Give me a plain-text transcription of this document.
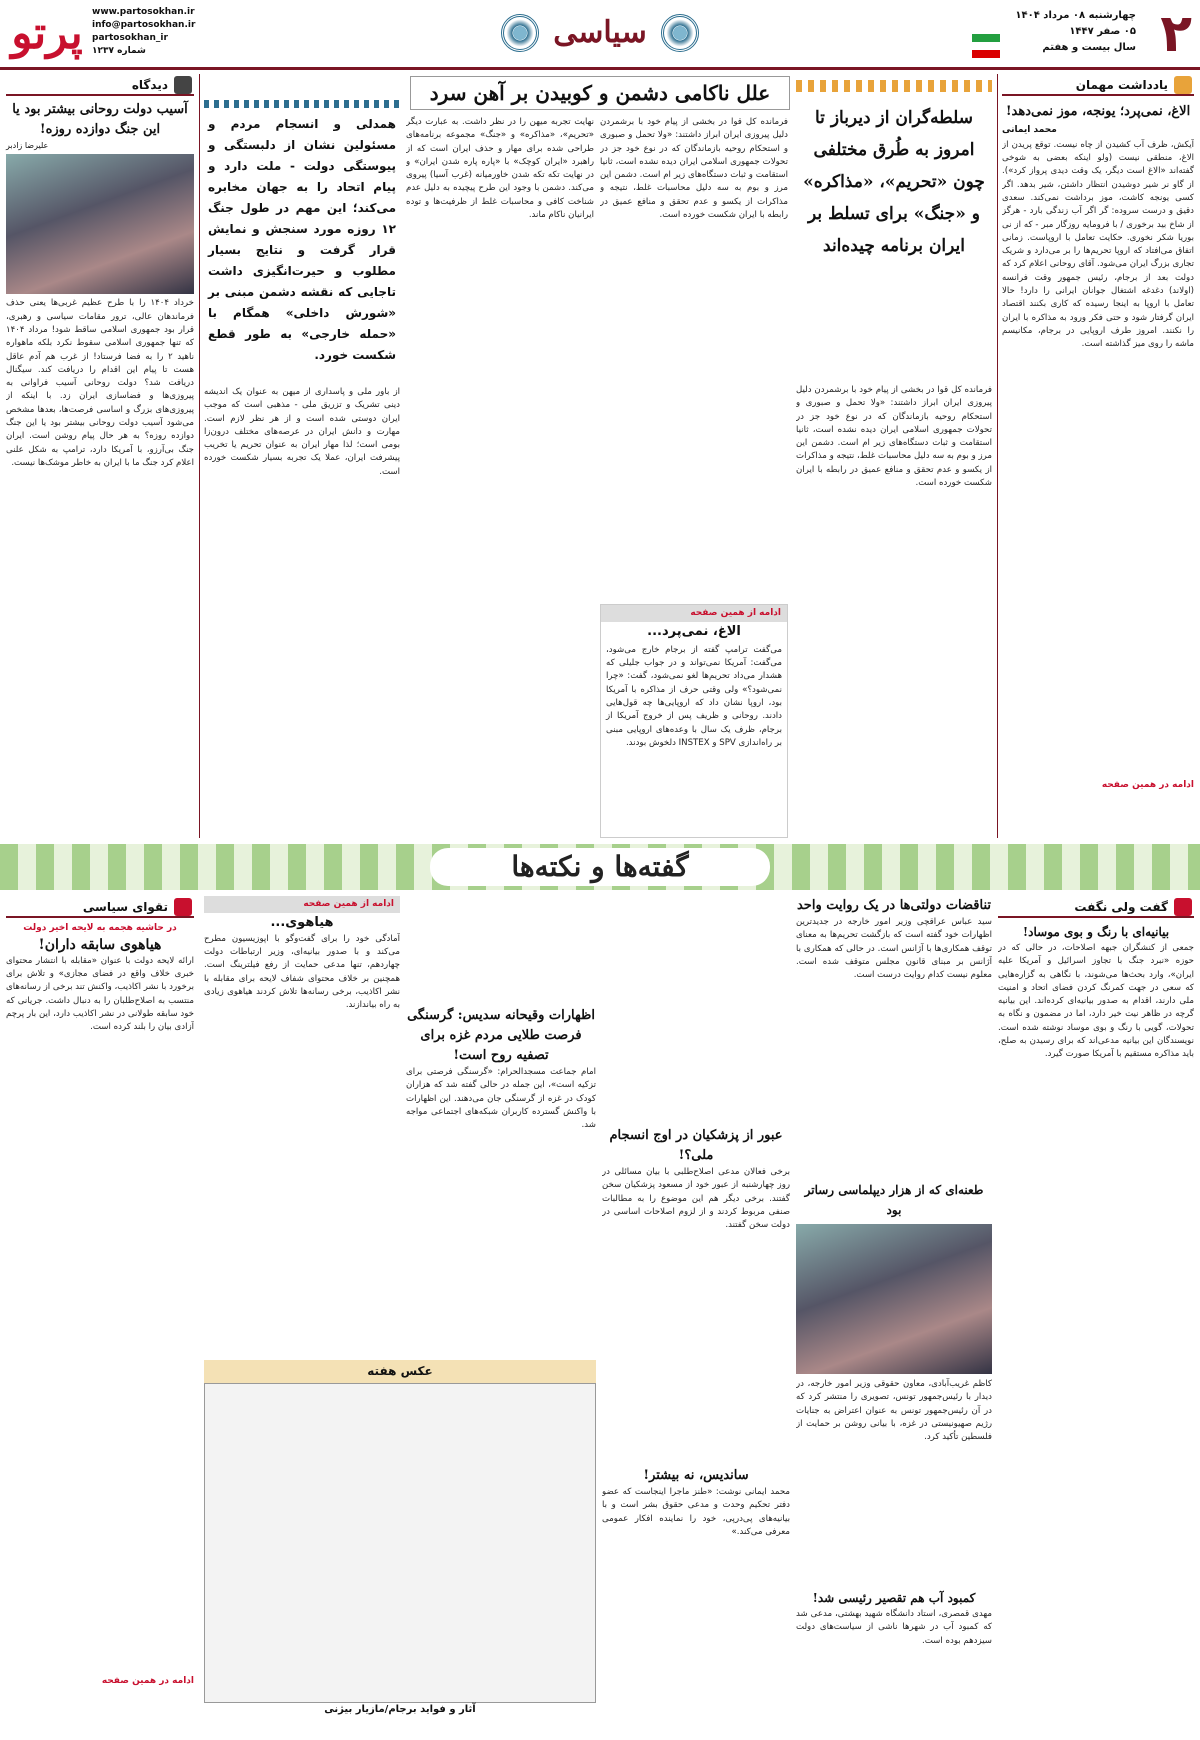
۲
چهارشنبه ۰۸ مرداد ۱۴۰۴
۰۵ صفر ۱۴۴۷
سال بیست و هفتم
سیاسی
پرتو	www.partosokhan.ir
info@partosokhan.ir
partosokhan_ir
شماره ۱۲۳۷
یادداشت مهمان
الاغ، نمی‌پرد؛ یونجه، موز نمی‌دهد!
محمد ایمانی

آیکش، ظرف آب کشیدن از چاه نیست. توقع پریدن از الاغ، منطقی نیست (ولو اینکه بعضی به شوخی گفته‌اند «الاغ است دیگر، یک وقت دیدی پرواز کرد»). از گاو نر شیر دوشیدن انتظار داشتن، شیر بدهد. اگر کسی یونجه کاشت، موز برداشت نمی‌کند. سعدی دقیق و درست سروده: گر اگر آب زندگی بارد - هرگز از شاخ بید برخوری / با فرومایه روزگار مبر - که از نی بوریا شکر نخوری. حکایت تعامل با اروپاست. زمانی اتفاق می‌افتاد که اروپا تحریم‌ها را بر می‌دارد و شریک تجاری بزرگ ایران می‌شود. آقای روحانی اعلام کرد که دولت بعد از برجام، رئیس جمهور وقت فرانسه (اولاند) دغدغه اشتغال جوانان ایرانی را دارد! حالا تعامل با اروپا به اینجا رسیده که کاری بکنند اقتصاد ایران گرفتار شود و حتی فکر ورود به مذاکره با ایران را نکنند. امروز طرف اروپایی در برجام، مکانیسم ماشه را روی میز گذاشته است.

ادامه در همین صفحه
سلطه‌گران از دیرباز تا امروز به طُرق مختلفی چون «تحریم»، «مذاکره» و «جنگ» برای تسلط بر ایران برنامه چیده‌اند

فرمانده کل قوا در بخشی از پیام خود با برشمردن دلیل پیروزی ایران ابراز داشتند: «ولا تحمل و صبوری و استحکام روحیه بازماندگان که در نوع خود جز در تحولات جمهوری اسلامی ایران دیده نشده است، ثانیا استقامت و ثبات دستگاه‌های زیر ام است. دشمن این مرز و بوم به سه دلیل محاسبات غلط، نتیجه و مذاکرات از یکسو و عدم تحقق و منافع عمیق در رابطه با ایران شکست خورده است.

علل ناکامی دشمن و کوبیدن بر آهن سرد

فرمانده کل قوا در بخشی از پیام خود با برشمردن دلیل پیروزی ایران ابراز داشتند: «ولا تحمل و صبوری و استحکام روحیه بازماندگان که در نوع خود جز در تحولات جمهوری اسلامی ایران دیده نشده است، ثانیا استقامت و ثبات دستگاه‌های زیر ام است. دشمن این مرز و بوم به سه دلیل محاسبات غلط، نتیجه و مذاکرات از یکسو و عدم تحقق و منافع عمیق در رابطه با ایران شکست خورده است.

نهایت تجربه میهن را در نظر داشت. به عبارت دیگر «تحریم»، «مذاکره» و «جنگ» مجموعه برنامه‌های طراحی شده برای مهار و حذف ایران است که از راهبرد «ایران کوچک» با «پاره پاره شدن ایران» و در نهایت تکه تکه شدن خاورمیانه (غرب آسیا) پیروی می‌کند. دشمن با وجود این طرح پیچیده به دلیل عدم شناخت کافی و محاسبات غلط از ظرفیت‌ها و توده ایرانیان ناکام ماند.

ادامه از همین صفحه
الاغ، نمی‌پرد...

می‌گفت ترامپ گفته از برجام خارج می‌شود، می‌گفت: آمریکا نمی‌تواند و در جواب جلیلی که هشدار می‌داد تحریم‌ها لغو نمی‌شود، گفت: «چرا نمی‌شود؟» ولی وقتی حرف از مذاکره با آمریکا بود، اروپا نشان داد که اروپایی‌ها چه قول‌هایی دادند. روحانی و ظریف پس از خروج آمریکا از برجام، ظرف یک سال با وعده‌های اروپایی مبنی بر راه‌اندازی SPV و INSTEX دلخوش بودند.

همدلی و انسجام مردم و مسئولین نشان از دلبستگی و پیوستگی دولت - ملت دارد و پیام اتحاد را به جهان مخابره می‌کند؛ این مهم در طول جنگ ۱۲ روزه مورد سنجش و نمایش قرار گرفت و نتایج بسیار مطلوب و حیرت‌انگیزی داشت تاجایی که نقشه دشمن مبنی بر «شورش داخلی» همگام با «حمله خارجی» به طور قطع شکست خورد.

از باور ملی و پاسداری از میهن به عنوان یک اندیشه دینی تشریک و تزریق ملی - مذهبی است که موجب ایران دوستی شده است و از هر نظر لازم است. مهارت و دانش ایران در عرصه‌های مختلف درون‌زا بومی است؛ لذا مهار ایران به عنوان تحریم یا تخریب پیشرفت ایران، عملا یک تجربه بسیار شکست خورده است.

دیدگاه
آسیب دولت روحانی بیشتر بود یا این جنگ دوازده روزه!
علیرضا زادبر

خرداد ۱۴۰۴ را با طرح عظیم غربی‌ها یعنی حذف فرماندهان عالی، ترور مقامات سیاسی و رهبری، قرار بود جمهوری اسلامی ساقط شود! مرداد ۱۴۰۴ که تنها جمهوری اسلامی سقوط نکرد بلکه ماهواره ناهید ۲ را به فضا فرستاد! از غرب هم آدم عاقل هست تا پیام این اقدام را دریافت کند. سیگنال دریافت شد؟ دولت روحانی آسیب فراوانی به پیروزی‌ها و فضاسازی ایران زد. با اینکه از پیروزی‌های بزرگ و اساسی فرصت‌ها، بعدها مشخص می‌شود آسیب دولت روحانی بیشتر بود یا این جنگ دوازده روزه؟ به هر حال پیام روشن است. ایران جنگ بی‌آرزو، با آمریکا دارد، ترامپ به شکل علنی اعلام کرد جنگ ما با ایران به خاطر موشک‌ها نیست.

گفته‌ها و نکته‌ها
گفت ولی نگفت
بیانیه‌ای با رنگ و بوی موساد!

جمعی از کنشگران جبهه اصلاحات، در حالی که در حوزه «نبرد جنگ با تجاوز اسرائیل و آمریکا علیه ایران»، وارد بحث‌ها می‌شوند، با نگاهی به گزاره‌هایی که سعی در جهت کمرنگ کردن فضای اتحاد و امنیت ملی دارند، اقدام به صدور بیانیه‌ای کرده‌اند. این بیانیه گرچه در ظاهر نیت خیر دارد، اما در مضمون و نگاه به تحولات، گویی با رنگ و بوی موساد نوشته شده است. نویسندگان این بیانیه مدعی‌اند که برای رسیدن به صلح، باید مذاکره مستقیم با آمریکا صورت گیرد.

تناقضات دولتی‌ها در یک روایت واحد

سید عباس عراقچی وزیر امور خارجه در جدیدترین اظهارات خود گفته است که بازگشت تحریم‌ها به معنای توقف همکاری‌ها با آژانس است. در حالی که همکاری با آژانس بر مبنای قانون مجلس متوقف شده است. معلوم نیست کدام روایت درست است.

طعنه‌ای که از هزار دیپلماسی رساتر بود

کاظم غریب‌آبادی، معاون حقوقی وزیر امور خارجه، در دیدار با رئیس‌جمهور تونس، تصویری را منتشر کرد که در آن رئیس‌جمهور تونس به عنوان اعتراض به جنایات رژیم صهیونیستی در غزه، با بیانی روشن بر حمایت از فلسطین تأکید کرد.

کمبود آب هم تقصیر رئیسی شد!

مهدی قمصری، استاد دانشگاه شهید بهشتی، مدعی شد که کمبود آب در شهرها ناشی از سیاست‌های دولت سیزدهم بوده است.

عبور از پزشکیان در اوج انسجام ملی؟!

برخی فعالان مدعی اصلاح‌طلبی با بیان مسائلی در روز چهارشنبه از عبور خود از مسعود پزشکیان سخن گفتند. برخی دیگر هم این موضوع را به مطالبات صنفی مربوط کردند و از لزوم اصلاحات اساسی در دولت سخن گفتند.

ساندیس، نه بیشتر!

محمد ایمانی نوشت: «طنز ماجرا اینجاست که عضو دفتر تحکیم وحدت و مدعی حقوق بشر است و با بیانیه‌های پی‌درپی، خود را نماینده افکار عمومی معرفی می‌کند.»

اظهارات وقیحانه سدیس: گرسنگی فرصت طلایی مردم غزه برای تصفیه روح است!

امام جماعت مسجدالحرام: «گرسنگی فرصتی برای تزکیه است»، این جمله در حالی گفته شد که هزاران کودک در غزه از گرسنگی جان می‌دهند. این اظهارات با واکنش گسترده کاربران شبکه‌های اجتماعی مواجه شد.

ادامه از همین صفحه
هیاهوی...

آمادگی خود را برای گفت‌وگو با اپوزیسیون مطرح می‌کند و با صدور بیانیه‌ای، وزیر ارتباطات دولت چهاردهم، تنها مدعی حمایت از رفع فیلترینگ است. همچنین بر خلاف محتوای شفاف لایحه برای مقابله با نشر اکاذیب، برخی رسانه‌ها تلاش کردند هیاهوی زیادی به راه بیاندازند.

عکس هفته
آثار و فواید برجام/مازیار بیژنی
تقوای سیاسی
در حاشیه هجمه به لایحه اخیر دولت
هیاهوی سابقه داران!

ارائه لایحه دولت با عنوان «مقابله با انتشار محتوای خبری خلاف واقع در فضای مجازی» و تلاش برای برخورد با نشر اکاذیب، واکنش تند برخی از رسانه‌های منتسب به اصلاح‌طلبان را به دنبال داشت. جریانی که خود سابقه طولانی در نشر اکاذیب دارد، این بار پرچم آزادی بیان را بلند کرده است.

ادامه در همین صفحه
